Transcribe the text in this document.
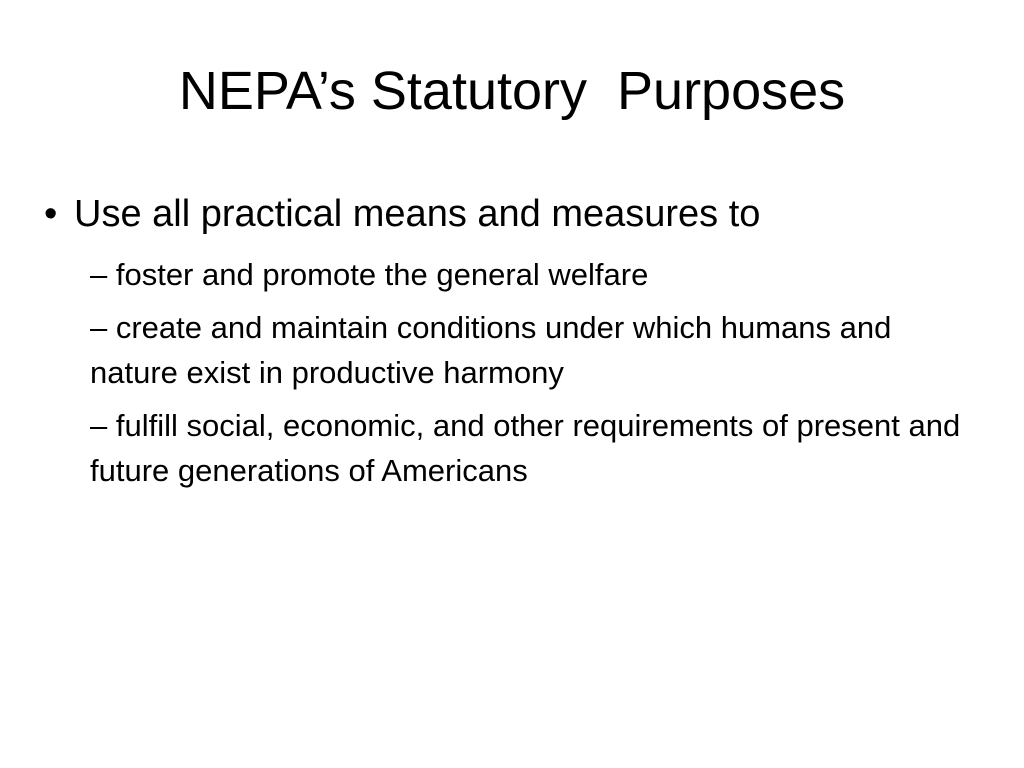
NEPA’s Statutory  Purposes
• Use all practical means and measures to
– foster and promote the general welfare
– create and maintain conditions under which humans and nature exist in productive harmony
– fulfill social, economic, and other requirements of present and future generations of Americans
